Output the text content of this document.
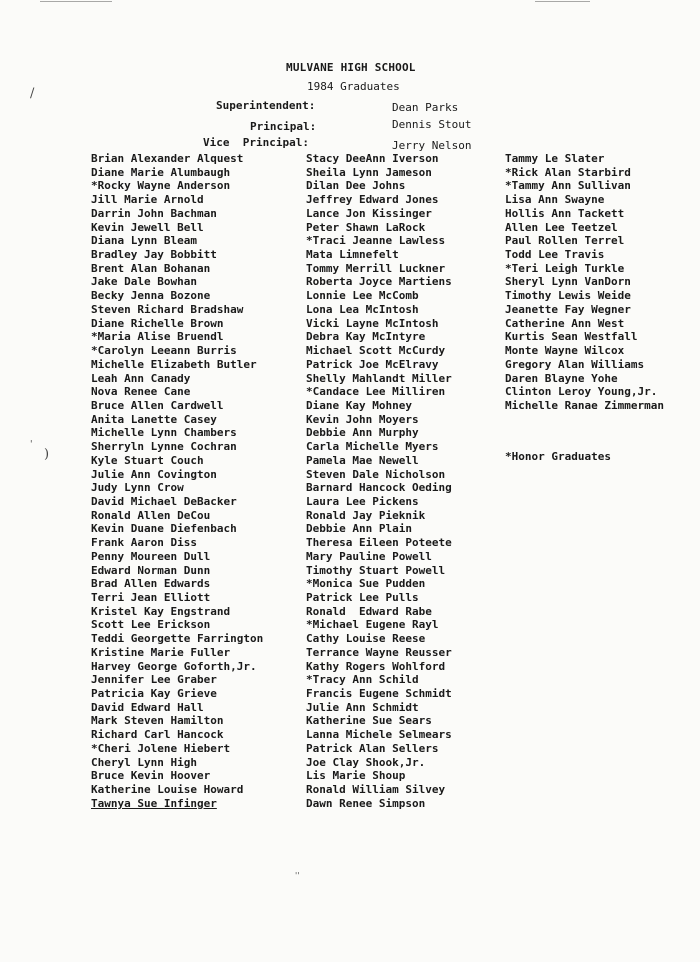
/
)
'
''
MULVANE HIGH SCHOOL
1984 Graduates
Superintendent:	Dean Parks
Principal:	Dennis Stout
Vice  Principal:	Jerry Nelson
Brian Alexander Alquest
Diane Marie Alumbaugh
*Rocky Wayne Anderson
Jill Marie Arnold
Darrin John Bachman
Kevin Jewell Bell
Diana Lynn Bleam
Bradley Jay Bobbitt
Brent Alan Bohanan
Jake Dale Bowhan
Becky Jenna Bozone
Steven Richard Bradshaw
Diane Richelle Brown
*Maria Alise Bruendl
*Carolyn Leeann Burris
Michelle Elizabeth Butler
Leah Ann Canady
Nova Renee Cane
Bruce Allen Cardwell
Anita Lanette Casey
Michelle Lynn Chambers
Sherryln Lynne Cochran
Kyle Stuart Couch
Julie Ann Covington
Judy Lynn Crow
David Michael DeBacker
Ronald Allen DeCou
Kevin Duane Diefenbach
Frank Aaron Diss
Penny Moureen Dull
Edward Norman Dunn
Brad Allen Edwards
Terri Jean Elliott
Kristel Kay Engstrand
Scott Lee Erickson
Teddi Georgette Farrington
Kristine Marie Fuller
Harvey George Goforth,Jr.
Jennifer Lee Graber
Patricia Kay Grieve
David Edward Hall
Mark Steven Hamilton
Richard Carl Hancock
*Cheri Jolene Hiebert
Cheryl Lynn High
Bruce Kevin Hoover
Katherine Louise Howard
Tawnya Sue Infinger
Stacy DeeAnn Iverson
Sheila Lynn Jameson
Dilan Dee Johns
Jeffrey Edward Jones
Lance Jon Kissinger
Peter Shawn LaRock
*Traci Jeanne Lawless
Mata Limnefelt
Tommy Merrill Luckner
Roberta Joyce Martiens
Lonnie Lee McComb
Lona Lea McIntosh
Vicki Layne McIntosh
Debra Kay McIntyre
Michael Scott McCurdy
Patrick Joe McElravy
Shelly Mahlandt Miller
*Candace Lee Milliren
Diane Kay Mohney
Kevin John Moyers
Debbie Ann Murphy
Carla Michelle Myers
Pamela Mae Newell
Steven Dale Nicholson
Barnard Hancock Oeding
Laura Lee Pickens
Ronald Jay Pieknik
Debbie Ann Plain
Theresa Eileen Poteete
Mary Pauline Powell
Timothy Stuart Powell
*Monica Sue Pudden
Patrick Lee Pulls
Ronald  Edward Rabe
*Michael Eugene Rayl
Cathy Louise Reese
Terrance Wayne Reusser
Kathy Rogers Wohlford
*Tracy Ann Schild
Francis Eugene Schmidt
Julie Ann Schmidt
Katherine Sue Sears
Lanna Michele Selmears
Patrick Alan Sellers
Joe Clay Shook,Jr.
Lis Marie Shoup
Ronald William Silvey
Dawn Renee Simpson
Tammy Le Slater
*Rick Alan Starbird
*Tammy Ann Sullivan
Lisa Ann Swayne
Hollis Ann Tackett
Allen Lee Teetzel
Paul Rollen Terrel
Todd Lee Travis
*Teri Leigh Turkle
Sheryl Lynn VanDorn
Timothy Lewis Weide
Jeanette Fay Wegner
Catherine Ann West
Kurtis Sean Westfall
Monte Wayne Wilcox
Gregory Alan Williams
Daren Blayne Yohe
Clinton Leroy Young,Jr.
Michelle Ranae Zimmerman
*Honor Graduates
